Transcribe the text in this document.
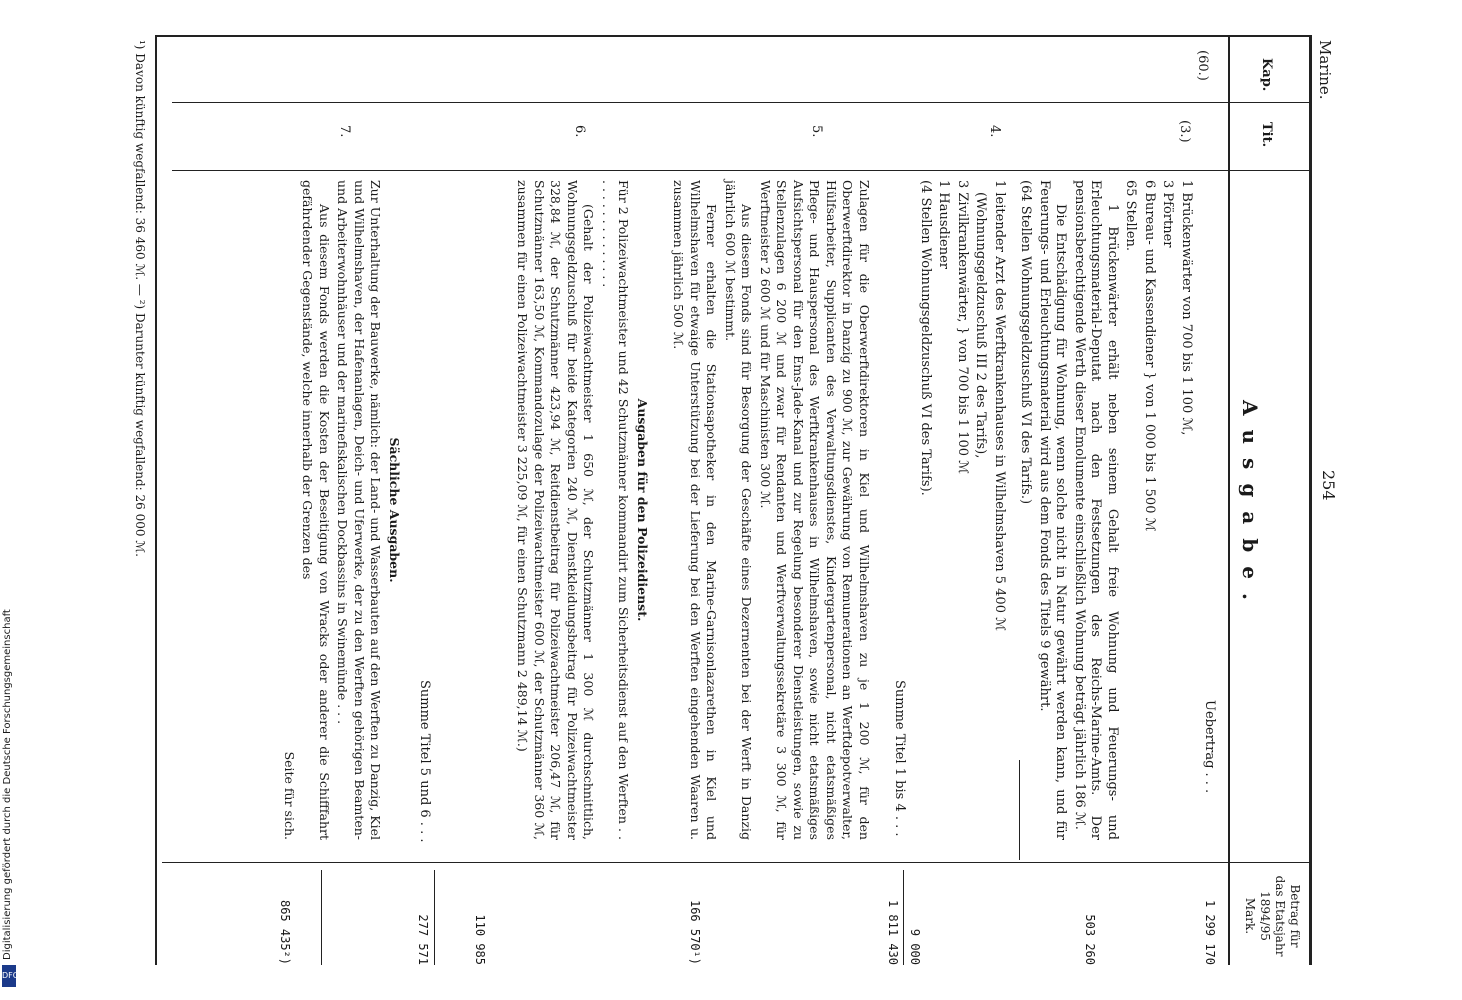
Marine.
254
Kap.
Tit.
Betrag für
das Etatsjahr
1894/95
Mark.
Ausgabe.
(60.)
(3.)
4.
5.
6.
7.
Uebertrag . . .
1 299 170
1 Brückenwärter von 700 bis 1 100 ℳ,
3 Pförtner
6 Bureau- und Kassendiener } von 1 000 bis 1 500 ℳ
65 Stellen.
1 Brückenwärter erhält neben seinem Gehalt freie Wohnung und Feuerungs- und Erleuchtungsmaterial-Deputat nach den Festsetzungen des Reichs-Marine-Amts. Der pensionsberechtigende Werth dieser Emolumente einschließlich Wohnung beträgt jährlich 186 ℳ.
Die Entschädigung für Wohnung, wenn solche nicht in Natur gewährt werden kann, und für Feuerungs- und Erleuchtungsmaterial wird aus dem Fonds des Titels 9 gewährt.
(64 Stellen Wohnungsgeldzuschuß VI des Tarifs.)
503 260
1 leitender Arzt des Werftkrankenhauses in Wilhelmshaven 5 400 ℳ
(Wohnungsgeldzuschuß III 2 des Tarifs),
3 Zivilkrankenwärter, } von 700 bis 1 100 ℳ
1 Hausdiener
(4 Stellen Wohnungsgeldzuschuß VI des Tarifs).
Summe Titel 1 bis 4 . . .
9 000
1 811 430
Zulagen für die Oberwerftdirektoren in Kiel und Wilhelmshaven zu je 1 200 ℳ, für den Oberwerftdirektor in Danzig zu 900 ℳ, zur Gewährung von Remunerationen an Werftdepotverwalter, Hülfsarbeiter, Supplicanten des Verwaltungsdienstes, Kindergartenpersonal, nicht etatsmäßiges Pflege- und Hauspersonal des Werftkrankenhauses in Wilhelmshaven, sowie nicht etatsmäßiges Aufsichtspersonal für den Ems-Jade-Kanal und zur Regelung besonderer Dienstleistungen, sowie zu Stellenzulagen 6 200 ℳ und zwar für Rendanten und Werftverwaltungssekretäre 3 300 ℳ, für Werftmeister 2 600 ℳ und für Maschinisten 300 ℳ.
Aus diesem Fonds sind für Besorgung der Geschäfte eines Dezernenten bei der Werft in Danzig jährlich 600 ℳ bestimmt.
Ferner erhalten die Stationsapotheker in den Marine-Garnisonlazarethen in Kiel und Wilhelmshaven für etwaige Unterstützung bei der Lieferung bei den Werften eingehenden Waaren u. zusammen jährlich 500 ℳ.
166 570¹)
Ausgaben für den Polizeidienst.
Für 2 Polizeiwachtmeister und 42 Schutzmänner kommandirt zum Sicherheitsdienst auf den Werften . . . . . . . . . . . . . . . .
(Gehalt der Polizeiwachtmeister 1 650 ℳ, der Schutzmänner 1 300 ℳ durchschnittlich, Wohnungsgeldzuschuß für beide Kategorien 240 ℳ, Dienstkleidungsbeitrag für Polizeiwachtmeister 328,84 ℳ, der Schutzmänner 423,94 ℳ, Reitdienstbeitrag für Polizeiwachtmeister 206,47 ℳ, für Schutzmänner 163,50 ℳ, Kommandozulage der Polizeiwachtmeister 600 ℳ, der Schutzmänner 360 ℳ, zusammen für einen Polizeiwachtmeister 3 225,09 ℳ, für einen Schutzmann 2 489,14 ℳ.)
110 985
Summe Titel 5 und 6 . . .
277 571
Sächliche Ausgaben.
Zur Unterhaltung der Bauwerke, nämlich: der Land- und Wasserbauten auf den Werften zu Danzig, Kiel und Wilhelmshaven, der Hafenanlagen, Deich- und Uferwerke, der zu den Werften gehörigen Beamten- und Arbeiterwohnhäuser und der marinefiskalischen Dockbassins in Swinemünde . . .
Aus diesem Fonds werden die Kosten der Beseitigung von Wracks oder anderer die Schifffahrt gefährdender Gegenstände, welche innerhalb der Grenzen des
Seite für sich.
865 435²)
¹) Davon künftig wegfallend: 36 460 ℳ. — ²) Darunter künftig wegfallend: 26 000 ℳ.
Digitalisierung gefördert durch die Deutsche Forschungsgemeinschaft
DFG
